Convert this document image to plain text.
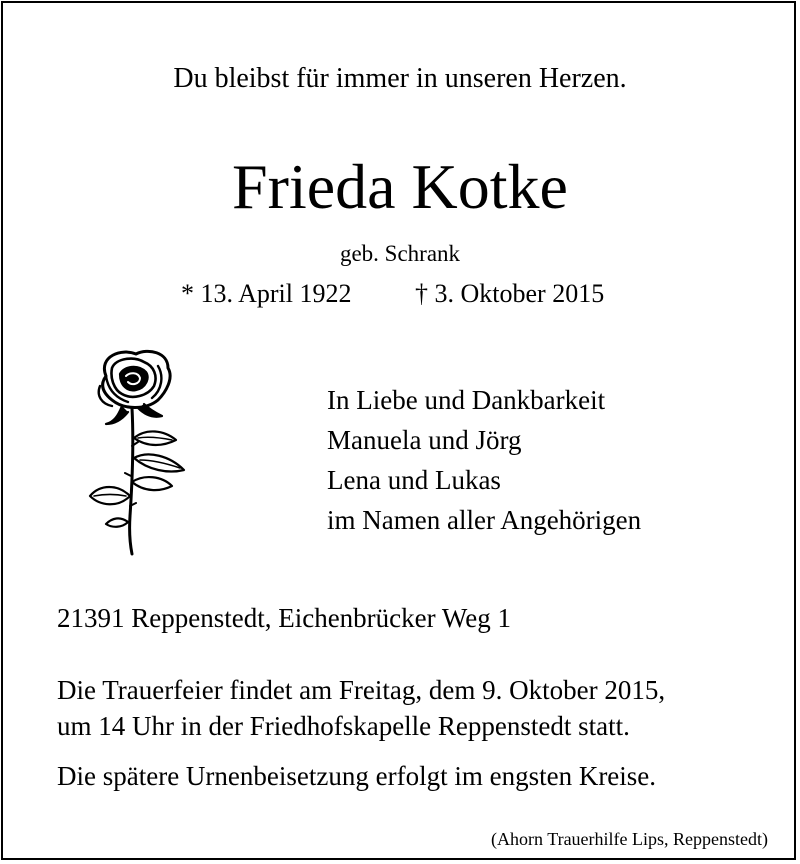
Du bleibst für immer in unseren Herzen.
Frieda Kotke
geb. Schrank
* 13. April 1922 † 3. Oktober 2015
In Liebe und Dankbarkeit
Manuela und Jörg
Lena und Lukas
im Namen aller Angehörigen
21391 Reppenstedt, Eichenbrücker Weg 1
Die Trauerfeier findet am Freitag, dem 9. Oktober 2015,
um 14 Uhr in der Friedhofskapelle Reppenstedt statt.
Die spätere Urnenbeisetzung erfolgt im engsten Kreise.
(Ahorn Trauerhilfe Lips, Reppenstedt)
